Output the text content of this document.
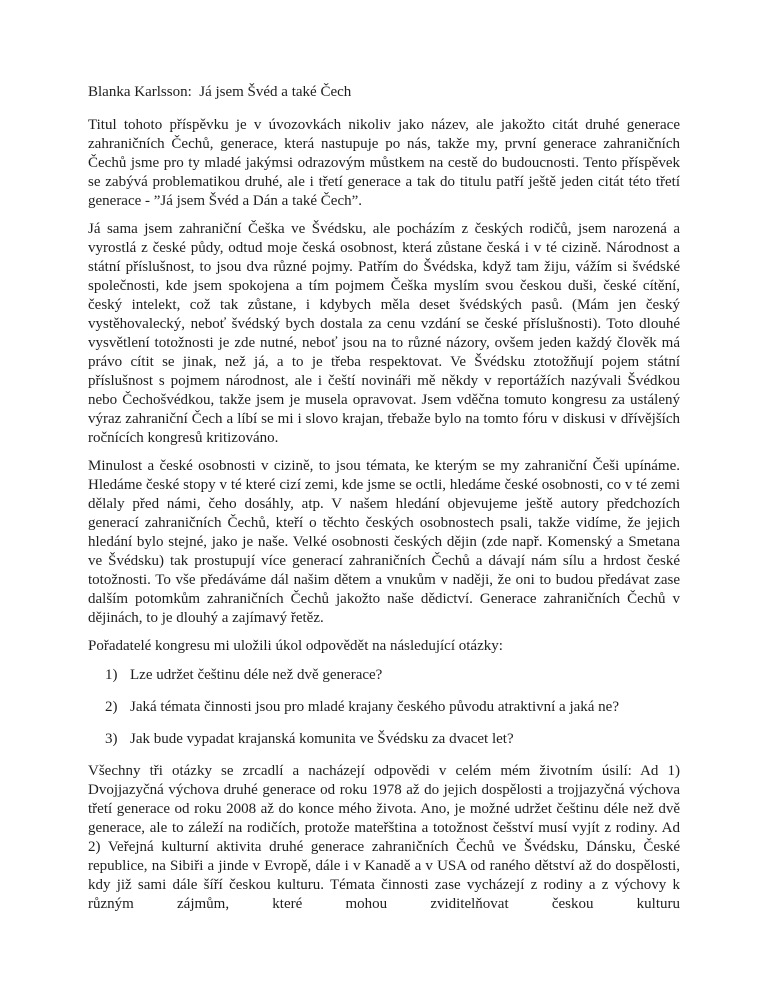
Blanka Karlsson:  Já jsem Švéd a také Čech

Titul tohoto příspěvku je v úvozovkách nikoliv jako název, ale jakožto citát druhé generace zahraničních Čechů, generace, která nastupuje po nás, takže my, první generace zahraničních Čechů jsme pro ty mladé jakýmsi odrazovým můstkem na cestě do budoucnosti. Tento příspěvek se zabývá problematikou druhé, ale i třetí generace a tak do titulu patří ještě jeden citát této třetí generace - ”Já jsem Švéd a Dán a také Čech”.

Já sama jsem zahraniční Češka ve Švédsku, ale pocházím z českých rodičů, jsem narozená a vyrostlá z české půdy, odtud moje česká osobnost, která zůstane česká i v té cizině. Národnost a státní příslušnost, to jsou dva různé pojmy. Patřím do Švédska, když tam žiju, vážím si švédské společnosti, kde jsem spokojena a tím pojmem Češka myslím svou českou duši, české cítění, český intelekt, což tak zůstane, i kdybych měla deset švédských pasů. (Mám jen český vystěhovalecký, neboť švédský bych dostala za cenu vzdání se české příslušnosti). Toto dlouhé vysvětlení totožnosti je zde nutné, neboť jsou na to různé názory, ovšem jeden každý člověk má právo cítit se jinak, než já, a to je třeba respektovat. Ve Švédsku ztotožňují pojem státní příslušnost s pojmem národnost, ale i čeští novináři mě někdy v reportážích nazývali Švédkou nebo Čechošvédkou, takže jsem je musela opravovat. Jsem vděčna tomuto kongresu za ustálený výraz zahraniční Čech a líbí se mi i slovo krajan, třebaže bylo na tomto fóru v diskusi v dřívějších ročnících kongresů kritizováno.

Minulost a české osobnosti v cizině, to jsou témata, ke kterým se my zahraniční Češi upínáme. Hledáme české stopy v té které cizí zemi, kde jsme se octli, hledáme české osobnosti, co v té zemi dělaly před námi, čeho dosáhly, atp. V našem hledání objevujeme ještě autory předchozích generací zahraničních Čechů, kteří o těchto českých osobnostech psali, takže vidíme, že jejich hledání bylo stejné, jako je naše. Velké osobnosti českých dějin (zde např. Komenský a Smetana ve Švédsku) tak prostupují více generací zahraničních Čechů a dávají nám sílu a hrdost české totožnosti. To vše předáváme dál našim dětem a vnukům v naději, že oni to budou předávat zase dalším potomkům zahraničních Čechů jakožto naše dědictví. Generace zahraničních Čechů v dějinách, to je dlouhý a zajímavý řetěz.

Pořadatelé kongresu mi uložili úkol odpovědět na následující otázky:

1) Lze udržet češtinu déle než dvě generace?
2) Jaká témata činnosti jsou pro mladé krajany českého původu atraktivní a jaká ne?
3) Jak bude vypadat krajanská komunita ve Švédsku za dvacet let?

Všechny tři otázky se zrcadlí a nacházejí odpovědi v celém mém životním úsilí: Ad 1) Dvojjazyčná výchova druhé generace od roku 1978 až do jejich dospělosti a trojjazyčná výchova třetí generace od roku 2008 až do konce mého života. Ano, je možné udržet češtinu déle než dvě generace, ale to záleží na rodičích, protože mateřština a totožnost češství musí vyjít z rodiny. Ad 2) Veřejná kulturní aktivita druhé generace zahraničních Čechů ve Švédsku, Dánsku, České republice, na Sibiři a jinde v Evropě, dále i v Kanadě a v USA od raného dětství až do dospělosti, kdy již sami dále šíří českou kulturu. Témata činnosti zase vycházejí z rodiny a z výchovy k různým zájmům, které mohou zviditelňovat českou kulturu
